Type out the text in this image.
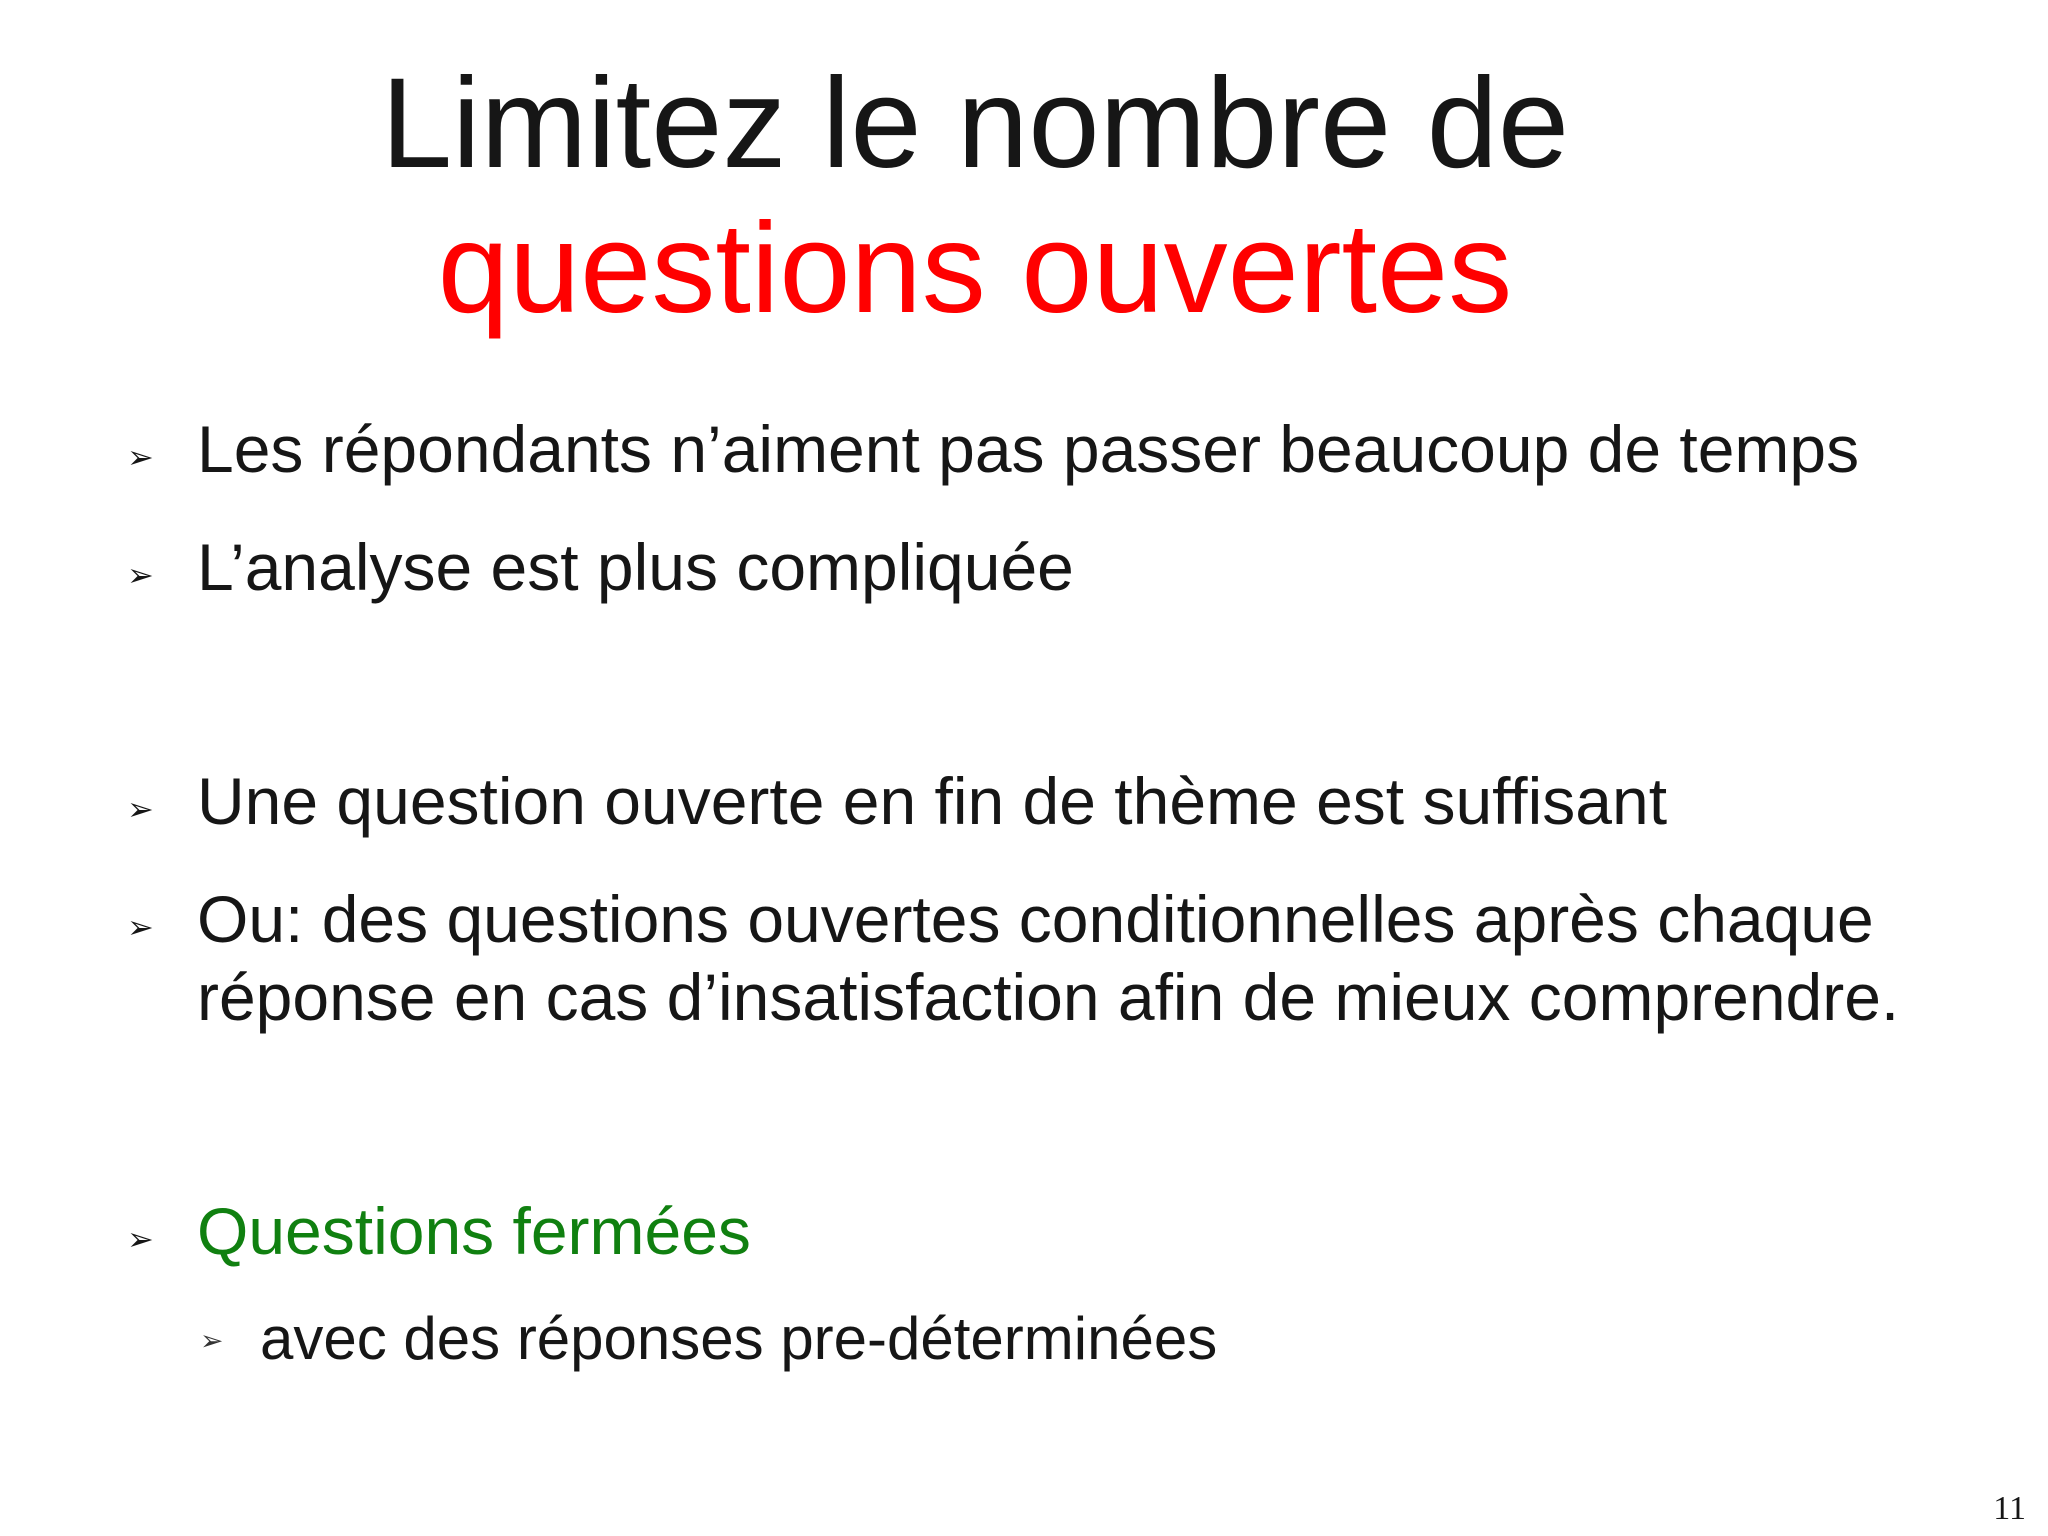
Limitez le nombre de
questions ouvertes
➢ Les répondants n’aiment pas passer beaucoup de temps
➢ L’analyse est plus compliquée
➢ Une question ouverte en fin de thème est suffisant
➢ Ou: des questions ouvertes conditionnelles après chaque
réponse en cas d’insatisfaction afin de mieux comprendre.
➢ Questions fermées
➢ avec des réponses pre-déterminées
11
